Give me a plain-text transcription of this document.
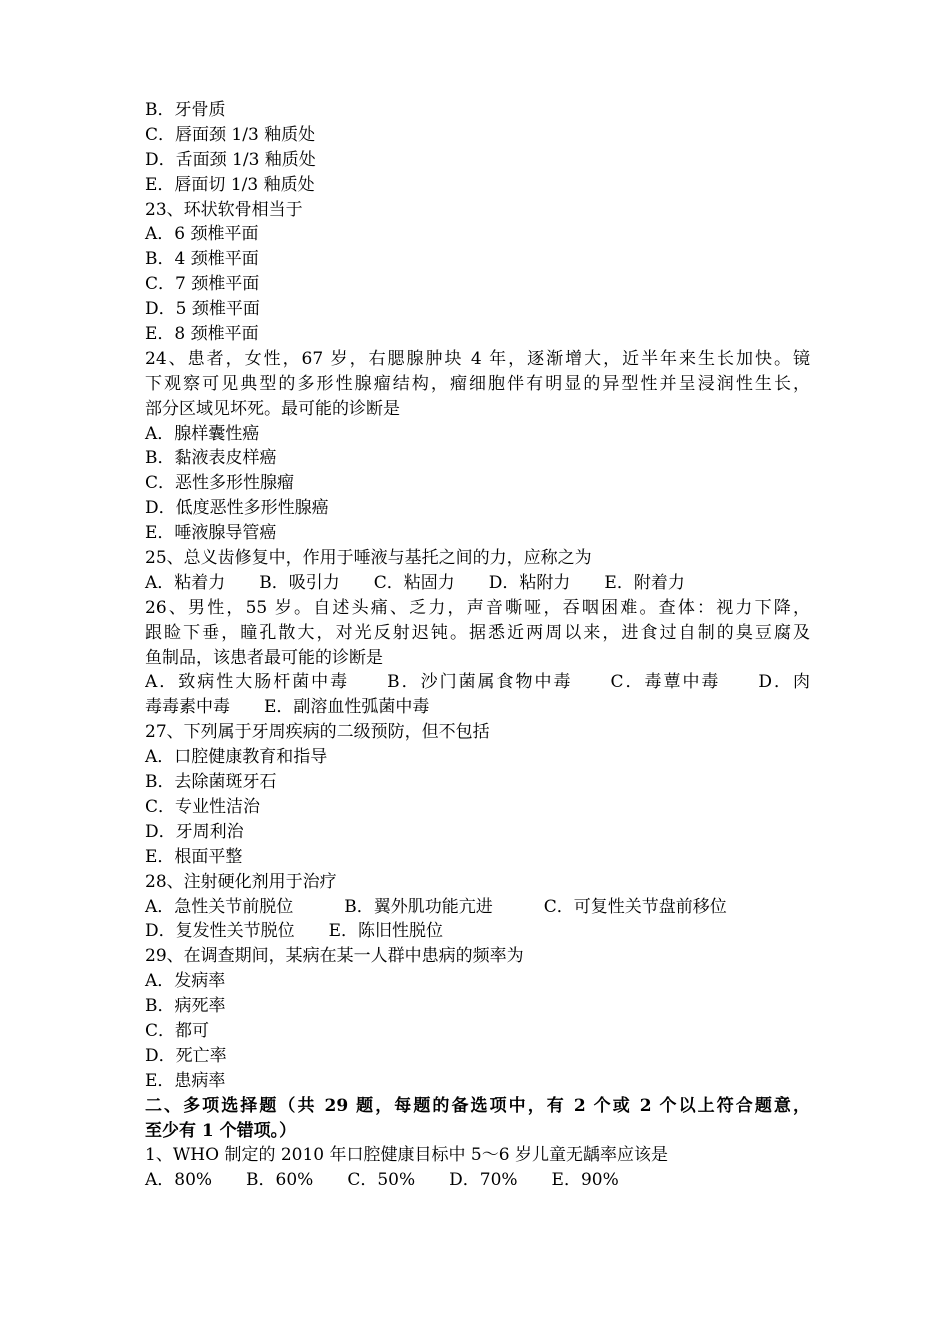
B．牙骨质
C．唇面颈 1/3 釉质处
D．舌面颈 1/3 釉质处
E．唇面切 1/3 釉质处
23、环状软骨相当于
A．6 颈椎平面
B．4 颈椎平面
C．7 颈椎平面
D．5 颈椎平面
E．8 颈椎平面
24、患者，女性，67 岁，右腮腺肿块 4 年，逐渐增大，近半年来生长加快。镜
下观察可见典型的多形性腺瘤结构，瘤细胞伴有明显的异型性并呈浸润性生长，
部分区域见坏死。最可能的诊断是
A．腺样囊性癌
B．黏液表皮样癌
C．恶性多形性腺瘤
D．低度恶性多形性腺癌
E．唾液腺导管癌
25、总义齿修复中，作用于唾液与基托之间的力，应称之为
A．粘着力　　B．吸引力　　C．粘固力　　D．粘附力　　E．附着力
26、男性，55 岁。自述头痛、乏力，声音嘶哑，吞咽困难。查体：视力下降，
跟睑下垂，瞳孔散大，对光反射迟钝。据悉近两周以来，进食过自制的臭豆腐及
鱼制品，该患者最可能的诊断是
A．致病性大肠杆菌中毒　　B．沙门菌属食物中毒　　C．毒蕈中毒　　D．肉
毒毒素中毒　　E．副溶血性弧菌中毒
27、下列属于牙周疾病的二级预防，但不包括
A．口腔健康教育和指导
B．去除菌斑牙石
C．专业性洁治
D．牙周利治
E．根面平整
28、注射硬化剂用于治疗
A．急性关节前脱位　　　B．翼外肌功能亢进　　　C．可复性关节盘前移位
D．复发性关节脱位　　E．陈旧性脱位
29、在调查期间，某病在某一人群中患病的频率为
A．发病率
B．病死率
C．都可
D．死亡率
E．患病率
二、多项选择题（共 29 题，每题的备选项中，有 2 个或 2 个以上符合题意，
至少有 1 个错项。）
1、WHO 制定的 2010 年口腔健康目标中 5～6 岁儿童无龋率应该是
A．80%　　B．60%　　C．50%　　D．70%　　E．90%
